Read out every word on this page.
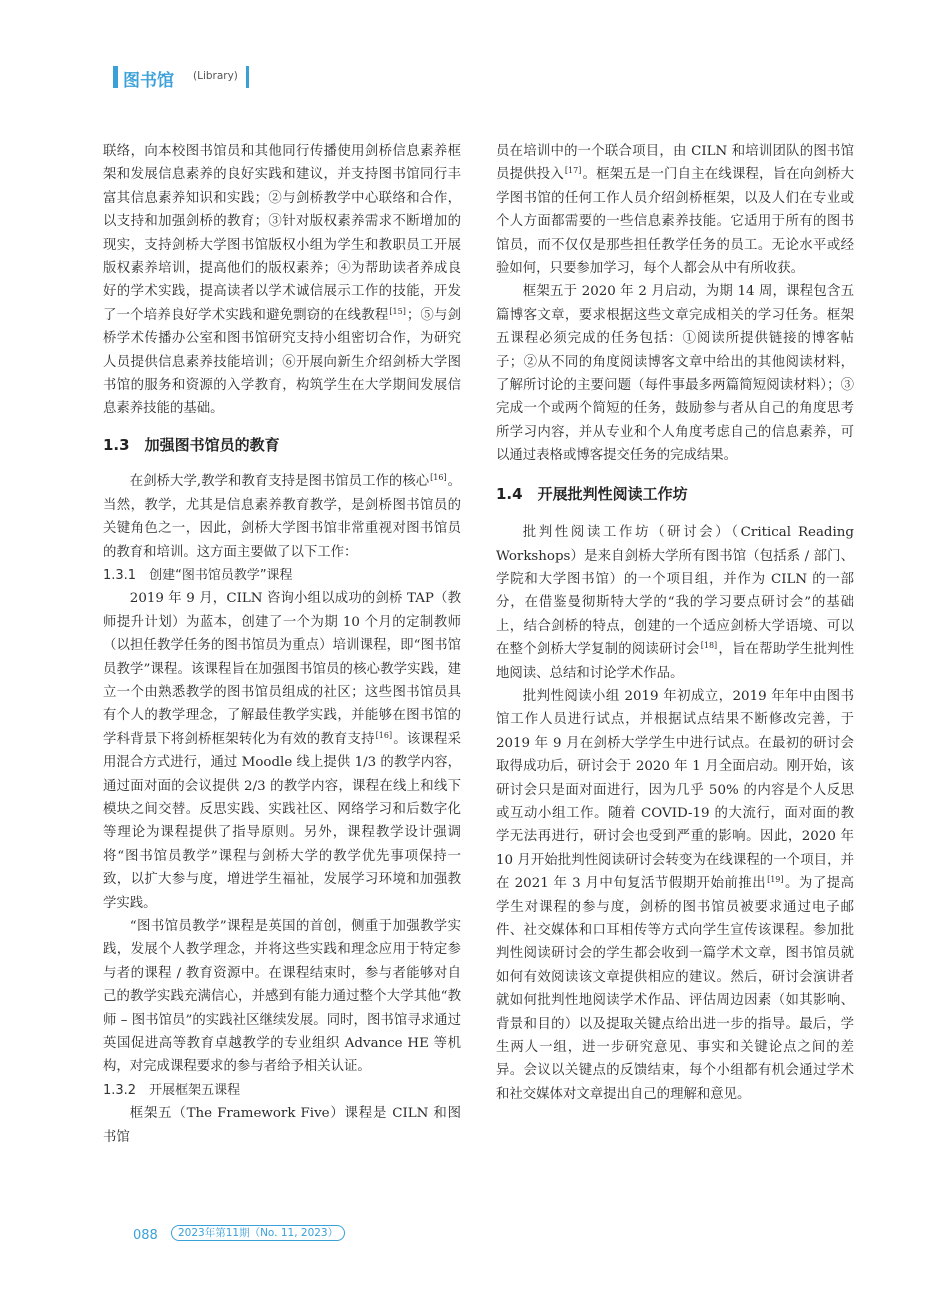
图书馆 (Library)

联络，向本校图书馆员和其他同行传播使用剑桥信息素养框架和发展信息素养的良好实践和建议，并支持图书馆同行丰富其信息素养知识和实践；②与剑桥教学中心联络和合作，以支持和加强剑桥的教育；③针对版权素养需求不断增加的现实，支持剑桥大学图书馆版权小组为学生和教职员工开展版权素养培训，提高他们的版权素养；④为帮助读者养成良好的学术实践，提高读者以学术诚信展示工作的技能，开发了一个培养良好学术实践和避免剽窃的在线教程[15]；⑤与剑桥学术传播办公室和图书馆研究支持小组密切合作，为研究人员提供信息素养技能培训；⑥开展向新生介绍剑桥大学图书馆的服务和资源的入学教育，构筑学生在大学期间发展信息素养技能的基础。

1.3　加强图书馆员的教育

在剑桥大学,教学和教育支持是图书馆员工作的核心[16]。当然，教学，尤其是信息素养教育教学，是剑桥图书馆员的关键角色之一，因此，剑桥大学图书馆非常重视对图书馆员的教育和培训。这方面主要做了以下工作：

1.3.1　创建“图书馆员教学”课程

2019 年 9 月，CILN 咨询小组以成功的剑桥 TAP（教师提升计划）为蓝本，创建了一个为期 10 个月的定制教师（以担任教学任务的图书馆员为重点）培训课程，即“图书馆员教学”课程。该课程旨在加强图书馆员的核心教学实践，建立一个由熟悉教学的图书馆员组成的社区；这些图书馆员具有个人的教学理念，了解最佳教学实践，并能够在图书馆的学科背景下将剑桥框架转化为有效的教育支持[16]。该课程采用混合方式进行，通过 Moodle 线上提供 1/3 的教学内容，通过面对面的会议提供 2/3 的教学内容，课程在线上和线下模块之间交替。反思实践、实践社区、网络学习和后数字化等理论为课程提供了指导原则。另外，课程教学设计强调将“图书馆员教学”课程与剑桥大学的教学优先事项保持一致，以扩大参与度，增进学生福祉，发展学习环境和加强教学实践。

“图书馆员教学”课程是英国的首创，侧重于加强教学实践，发展个人教学理念，并将这些实践和理念应用于特定参与者的课程 / 教育资源中。在课程结束时，参与者能够对自己的教学实践充满信心，并感到有能力通过整个大学其他“教师 – 图书馆员”的实践社区继续发展。同时，图书馆寻求通过英国促进高等教育卓越教学的专业组织 Advance HE 等机构，对完成课程要求的参与者给予相关认证。

1.3.2　开展框架五课程

框架五（The Framework Five）课程是 CILN 和图书馆

员在培训中的一个联合项目，由 CILN 和培训团队的图书馆员提供投入[17]。框架五是一门自主在线课程，旨在向剑桥大学图书馆的任何工作人员介绍剑桥框架，以及人们在专业或个人方面都需要的一些信息素养技能。它适用于所有的图书馆员，而不仅仅是那些担任教学任务的员工。无论水平或经验如何，只要参加学习，每个人都会从中有所收获。

框架五于 2020 年 2 月启动，为期 14 周，课程包含五篇博客文章，要求根据这些文章完成相关的学习任务。框架五课程必须完成的任务包括：①阅读所提供链接的博客帖子；②从不同的角度阅读博客文章中给出的其他阅读材料，了解所讨论的主要问题（每件事最多两篇简短阅读材料）；③完成一个或两个简短的任务，鼓励参与者从自己的角度思考所学习内容，并从专业和个人角度考虑自己的信息素养，可以通过表格或博客提交任务的完成结果。

1.4　开展批判性阅读工作坊

批判性阅读工作坊（研讨会）（Critical Reading Workshops）是来自剑桥大学所有图书馆（包括系 / 部门、学院和大学图书馆）的一个项目组，并作为 CILN 的一部分，在借鉴曼彻斯特大学的“我的学习要点研讨会”的基础上，结合剑桥的特点，创建的一个适应剑桥大学语境、可以在整个剑桥大学复制的阅读研讨会[18]，旨在帮助学生批判性地阅读、总结和讨论学术作品。

批判性阅读小组 2019 年初成立，2019 年年中由图书馆工作人员进行试点，并根据试点结果不断修改完善，于 2019 年 9 月在剑桥大学学生中进行试点。在最初的研讨会取得成功后，研讨会于 2020 年 1 月全面启动。刚开始，该研讨会只是面对面进行，因为几乎 50% 的内容是个人反思或互动小组工作。随着 COVID-19 的大流行，面对面的教学无法再进行，研讨会也受到严重的影响。因此，2020 年 10 月开始批判性阅读研讨会转变为在线课程的一个项目，并在 2021 年 3 月中旬复活节假期开始前推出[19]。为了提高学生对课程的参与度，剑桥的图书馆员被要求通过电子邮件、社交媒体和口耳相传等方式向学生宣传该课程。参加批判性阅读研讨会的学生都会收到一篇学术文章，图书馆员就如何有效阅读该文章提供相应的建议。然后，研讨会演讲者就如何批判性地阅读学术作品、评估周边因素（如其影响、背景和目的）以及提取关键点给出进一步的指导。最后，学生两人一组，进一步研究意见、事实和关键论点之间的差异。会议以关键点的反馈结束，每个小组都有机会通过学术和社交媒体对文章提出自己的理解和意见。

088	2023年第11期（No. 11, 2023）
